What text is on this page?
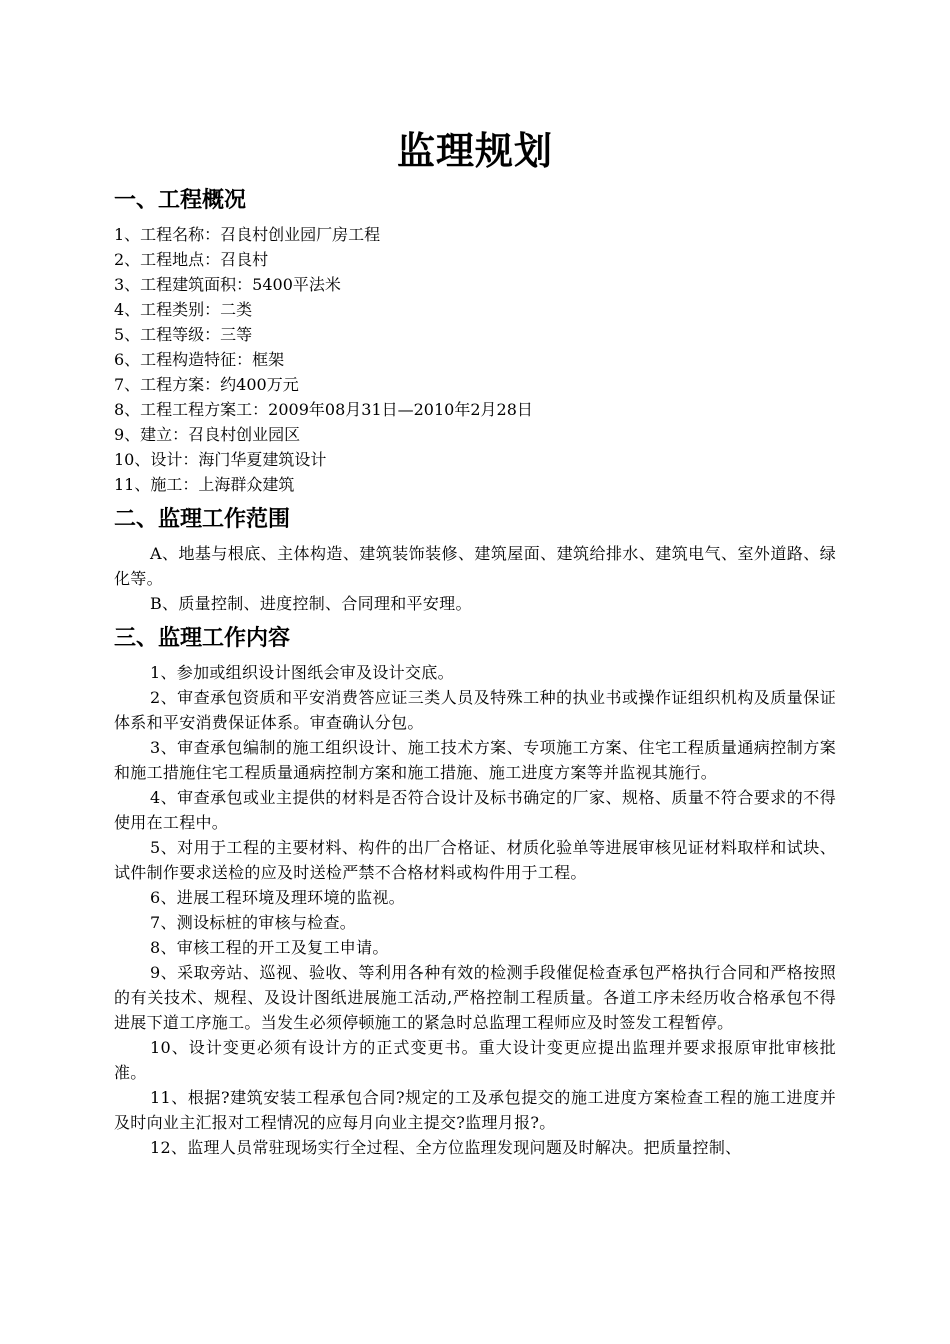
监理规划
一、工程概况
1、工程名称：召良村创业园厂房工程
2、工程地点：召良村
3、工程建筑面积：5400平法米
4、工程类别：二类
5、工程等级：三等
6、工程构造特征：框架
7、工程方案：约400万元
8、工程工程方案工：2009年08月31日—2010年2月28日
9、建立：召良村创业园区
10、设计：海门华夏建筑设计
11、施工：上海群众建筑
二、监理工作范围
A、地基与根底、主体构造、建筑装饰装修、建筑屋面、建筑给排水、建筑电气、室外道路、绿化等。
B、质量控制、进度控制、合同理和平安理。
三、监理工作内容
1、参加或组织设计图纸会审及设计交底。
2、审查承包资质和平安消费答应证三类人员及特殊工种的执业书或操作证组织机构及质量保证体系和平安消费保证体系。审查确认分包。
3、审查承包编制的施工组织设计、施工技术方案、专项施工方案、住宅工程质量通病控制方案和施工措施住宅工程质量通病控制方案和施工措施、施工进度方案等并监视其施行。
4、审查承包或业主提供的材料是否符合设计及标书确定的厂家、规格、质量不符合要求的不得使用在工程中。
5、对用于工程的主要材料、构件的出厂合格证、材质化验单等进展审核见证材料取样和试块、试件制作要求送检的应及时送检严禁不合格材料或构件用于工程。
6、进展工程环境及理环境的监视。
7、测设标桩的审核与检查。
8、审核工程的开工及复工申请。
9、采取旁站、巡视、验收、等利用各种有效的检测手段催促检查承包严格执行合同和严格按照的有关技术、规程、及设计图纸进展施工活动,严格控制工程质量。各道工序未经历收合格承包不得进展下道工序施工。当发生必须停顿施工的紧急时总监理工程师应及时签发工程暂停。
10、设计变更必须有设计方的正式变更书。重大设计变更应提出监理并要求报原审批审核批准。
11、根据?建筑安装工程承包合同?规定的工及承包提交的施工进度方案检查工程的施工进度并及时向业主汇报对工程情况的应每月向业主提交?监理月报?。
12、监理人员常驻现场实行全过程、全方位监理发现问题及时解决。把质量控制、
